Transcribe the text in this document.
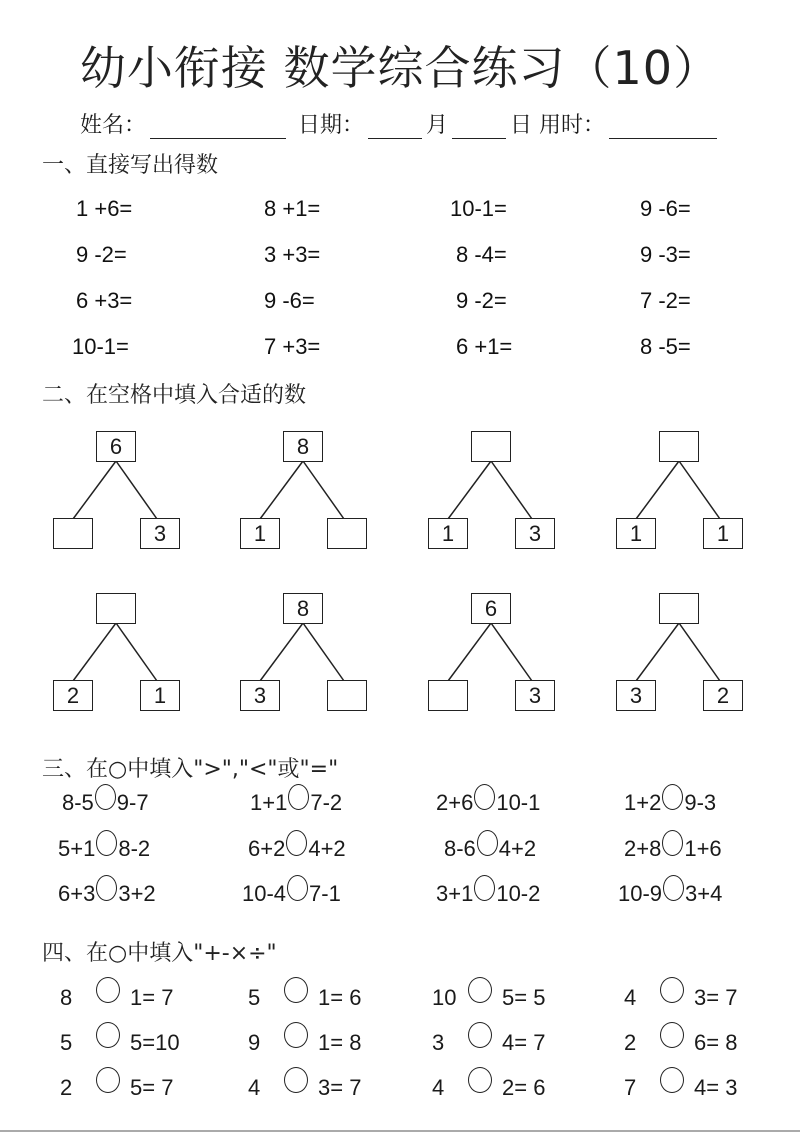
幼小衔接 数学综合练习（10）
姓名：	日期：	月	日 用时：
一、直接写出得数
1 +6=	8 +1=	10-1=	9 -6=
9 -2=	3 +3=	8 -4=	9 -3=
6 +3=	9 -6=	9 -2=	7 -2=
10-1=	7 +3=	6 +1=	8 -5=
二、在空格中填入合适的数
6
3
8
1	1	3	1	1
2	1
8
3
6
3	3	2
三、在○中填入">","<"或"="
8-5 9-7	1+1 7-2	2+6 10-1	1+2 9-3
5+1 8-2	6+2 4+2	8-6 4+2	2+8 1+6
6+3 3+2	10-4 7-1	3+1 10-2	10-9 3+4
四、在○中填入"+-×÷"
8	1= 7	5	1= 6	10 5= 5	4	3= 7
5	5=10	9	1= 8	3	4= 7	2	6= 8
2	5= 7	4	3= 7	4	2= 6	7	4= 3
